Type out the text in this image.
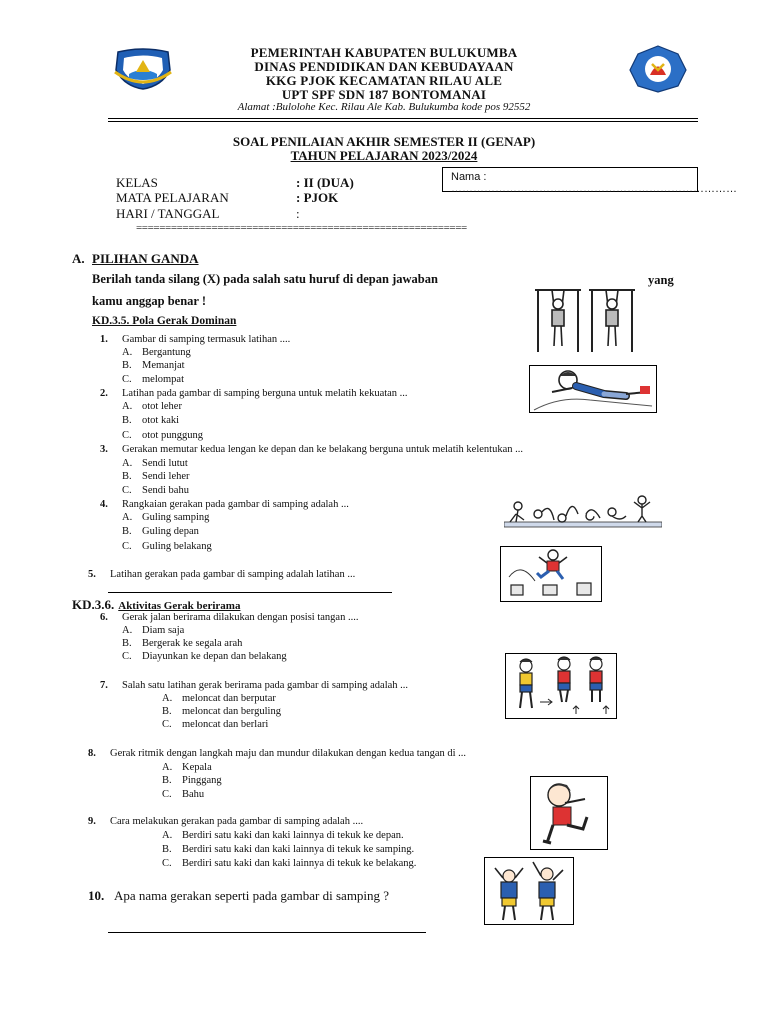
PEMERINTAH KABUPATEN BULUKUMBA
DINAS PENDIDIKAN DAN KEBUDAYAAN
KKG PJOK KECAMATAN RILAU ALE
UPT SPF SDN 187 BONTOMANAI
Alamat :Bulolohe Kec. Rilau Ale Kab. Bulukumba kode pos 92552
SOAL PENILAIAN AKHIR SEMESTER II (GENAP)
TAHUN PELAJARAN 2023/2024
KELAS	: II (DUA)
MATA PELAJARAN	: PJOK
HARI / TANGGAL	:
Nama : ……………………………………………………………………
=========================================================
A. PILIHAN GANDA
Berilah tanda silang (X) pada salah satu huruf di depan jawaban	yang
kamu anggap benar !
KD.3.5. Pola Gerak Dominan
1. Gambar di samping termasuk latihan ....
A. Bergantung
B. Memanjat
C. melompat
2. Latihan pada gambar di samping berguna untuk melatih kekuatan ...
A. otot leher
B. otot kaki
C. otot punggung
3. Gerakan memutar kedua lengan ke depan dan ke belakang berguna untuk melatih kelentukan ...
A. Sendi lutut
B. Sendi leher
C. Sendi bahu
4. Rangkaian gerakan pada gambar di samping adalah ...
A. Guling samping
B. Guling depan
C. Guling belakang
5. Latihan gerakan pada gambar di samping adalah latihan ...
KD.3.6. Aktivitas Gerak berirama
6. Gerak jalan berirama dilakukan dengan posisi tangan ....
A. Diam saja
B. Bergerak ke segala arah
C. Diayunkan ke depan dan belakang
7. Salah satu latihan gerak berirama pada gambar di samping adalah ...
A. meloncat dan berputar
B. meloncat dan berguling
C. meloncat dan berlari
8. Gerak ritmik dengan langkah maju dan mundur dilakukan dengan kedua tangan di ...
A. Kepala
B. Pinggang
C. Bahu
9. Cara melakukan gerakan pada gambar di samping adalah ....
A. Berdiri satu kaki dan kaki lainnya di tekuk ke depan.
B. Berdiri satu kaki dan kaki lainnya di tekuk ke samping.
C. Berdiri satu kaki dan kaki lainnya di tekuk ke belakang.
10. Apa nama gerakan seperti pada gambar di samping ?
